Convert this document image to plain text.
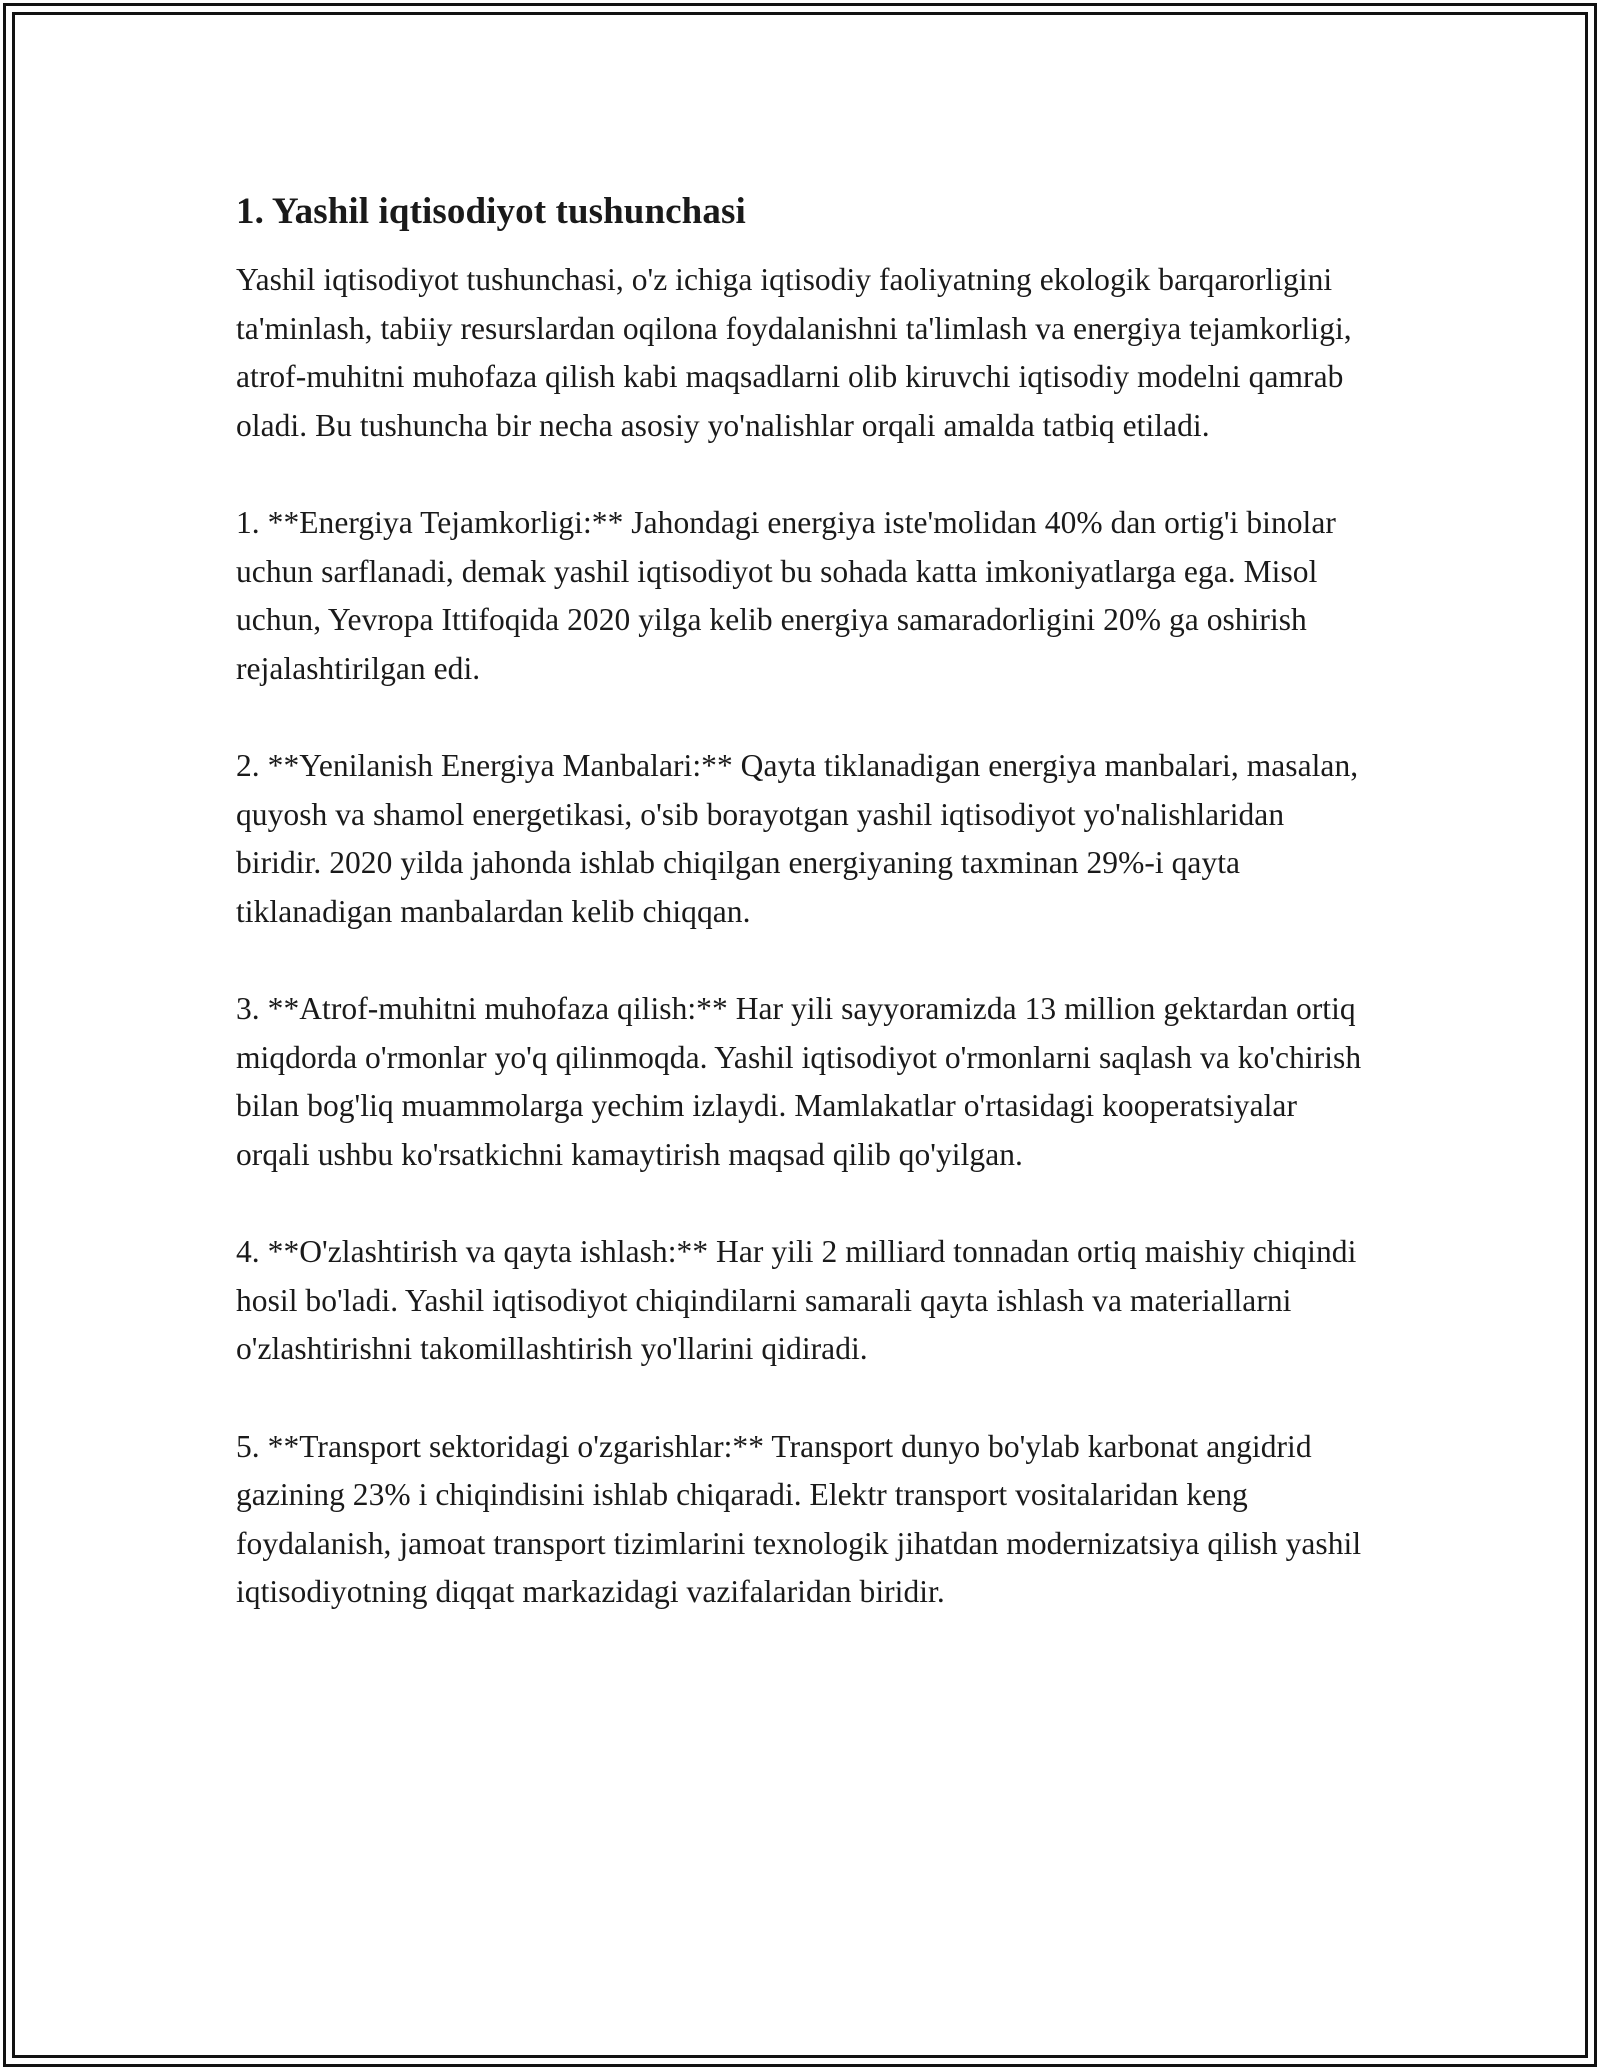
1. Yashil iqtisodiyot tushunchasi

Yashil iqtisodiyot tushunchasi, o'z ichiga iqtisodiy faoliyatning ekologik barqarorligini ta'minlash, tabiiy resurslardan oqilona foydalanishni ta'limlash va energiya tejamkorligi, atrof-muhitni muhofaza qilish kabi maqsadlarni olib kiruvchi iqtisodiy modelni qamrab oladi. Bu tushuncha bir necha asosiy yo'nalishlar orqali amalda tatbiq etiladi.

1. **Energiya Tejamkorligi:** Jahondagi energiya iste'molidan 40% dan ortig'i binolar uchun sarflanadi, demak yashil iqtisodiyot bu sohada katta imkoniyatlarga ega. Misol uchun, Yevropa Ittifoqida 2020 yilga kelib energiya samaradorligini 20% ga oshirish rejalashtirilgan edi.

2. **Yenilanish Energiya Manbalari:** Qayta tiklanadigan energiya manbalari, masalan, quyosh va shamol energetikasi, o'sib borayotgan yashil iqtisodiyot yo'nalishlaridan biridir. 2020 yilda jahonda ishlab chiqilgan energiyaning taxminan 29%-i qayta tiklanadigan manbalardan kelib chiqqan.

3. **Atrof-muhitni muhofaza qilish:** Har yili sayyoramizda 13 million gektardan ortiq miqdorda o'rmonlar yo'q qilinmoqda. Yashil iqtisodiyot o'rmonlarni saqlash va ko'chirish bilan bog'liq muammolarga yechim izlaydi. Mamlakatlar o'rtasidagi kooperatsiyalar orqali ushbu ko'rsatkichni kamaytirish maqsad qilib qo'yilgan.

4. **O'zlashtirish va qayta ishlash:** Har yili 2 milliard tonnadan ortiq maishiy chiqindi hosil bo'ladi. Yashil iqtisodiyot chiqindilarni samarali qayta ishlash va materiallarni o'zlashtirishni takomillashtirish yo'llarini qidiradi.

5. **Transport sektoridagi o'zgarishlar:** Transport dunyo bo'ylab karbonat angidrid gazining 23% i chiqindisini ishlab chiqaradi. Elektr transport vositalaridan keng foydalanish, jamoat transport tizimlarini texnologik jihatdan modernizatsiya qilish yashil iqtisodiyotning diqqat markazidagi vazifalaridan biridir.
